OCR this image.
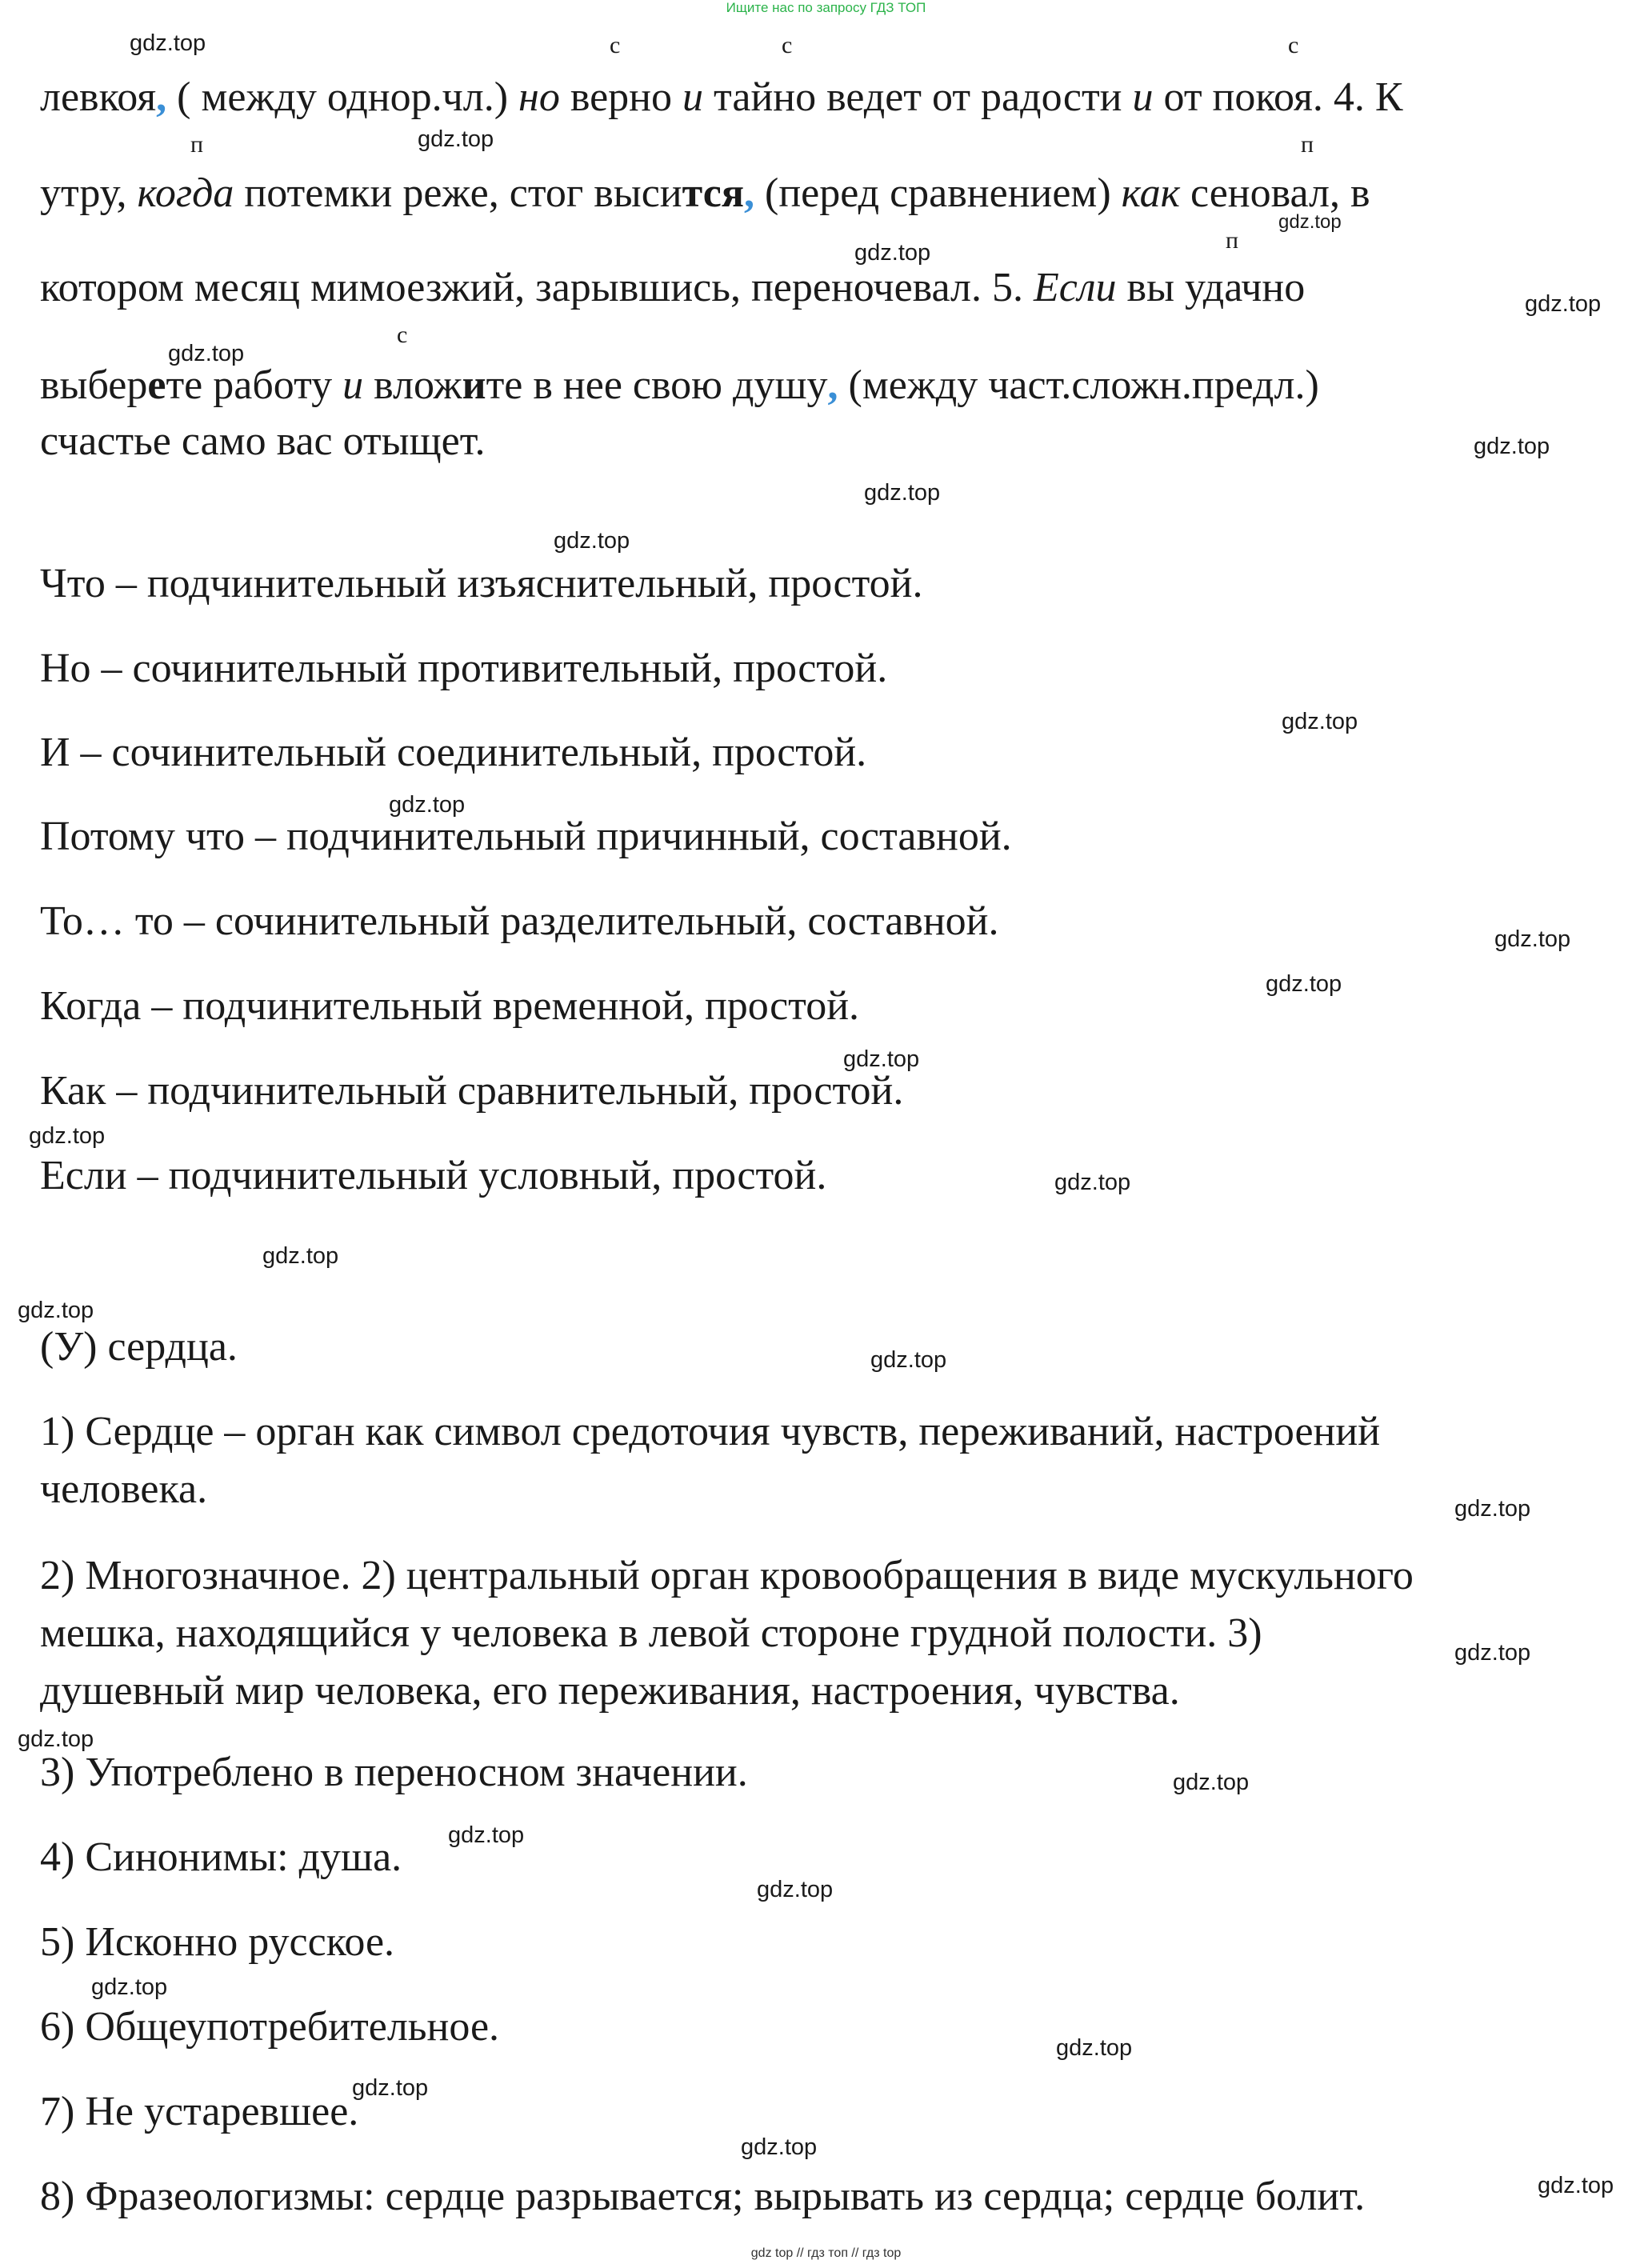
Ищите нас по запросу ГДЗ ТОП
с	с	с
п	п
п
с
левкоя, ( между однор.чл.) но верно и тайно ведет от радости и от покоя. 4. К
утру, когда потемки реже, стог высится, (перед сравнением) как сеновал, в
котором месяц мимоезжий, зарывшись, переночевал. 5. Если вы удачно
выберете работу и вложите в нее свою душу, (между част.сложн.предл.)
счастье само вас отыщет.
Что – подчинительный изъяснительный, простой.
Но – сочинительный противительный, простой.
И – сочинительный соединительный, простой.
Потому что – подчинительный причинный, составной.
То… то – сочинительный разделительный, составной.
Когда – подчинительный временной, простой.
Как – подчинительный сравнительный, простой.
Если – подчинительный условный, простой.
(У) сердца.
1) Сердце – орган как символ средоточия чувств, переживаний, настроений
человека.
2) Многозначное. 2) центральный орган кровообращения в виде мускульного
мешка, находящийся у человека в левой стороне грудной полости. 3)
душевный мир человека, его переживания, настроения, чувства.
3) Употреблено в переносном значении.
4) Синонимы: душа.
5) Исконно русское.
6) Общеупотребительное.
7) Не устаревшее.
8) Фразеологизмы: сердце разрывается; вырывать из сердца; сердце болит.
gdz.top
gdz.top
gdz.top
gdz.top
gdz.top
gdz.top
gdz.top
gdz.top
gdz.top
gdz.top
gdz.top
gdz.top
gdz.top
gdz.top
gdz.top
gdz.top
gdz.top
gdz.top
gdz.top
gdz.top
gdz.top
gdz.top
gdz.top
gdz.top
gdz.top
gdz.top
gdz.top
gdz.top
gdz.top
gdz.top
gdz top // гдз топ // гдз top
